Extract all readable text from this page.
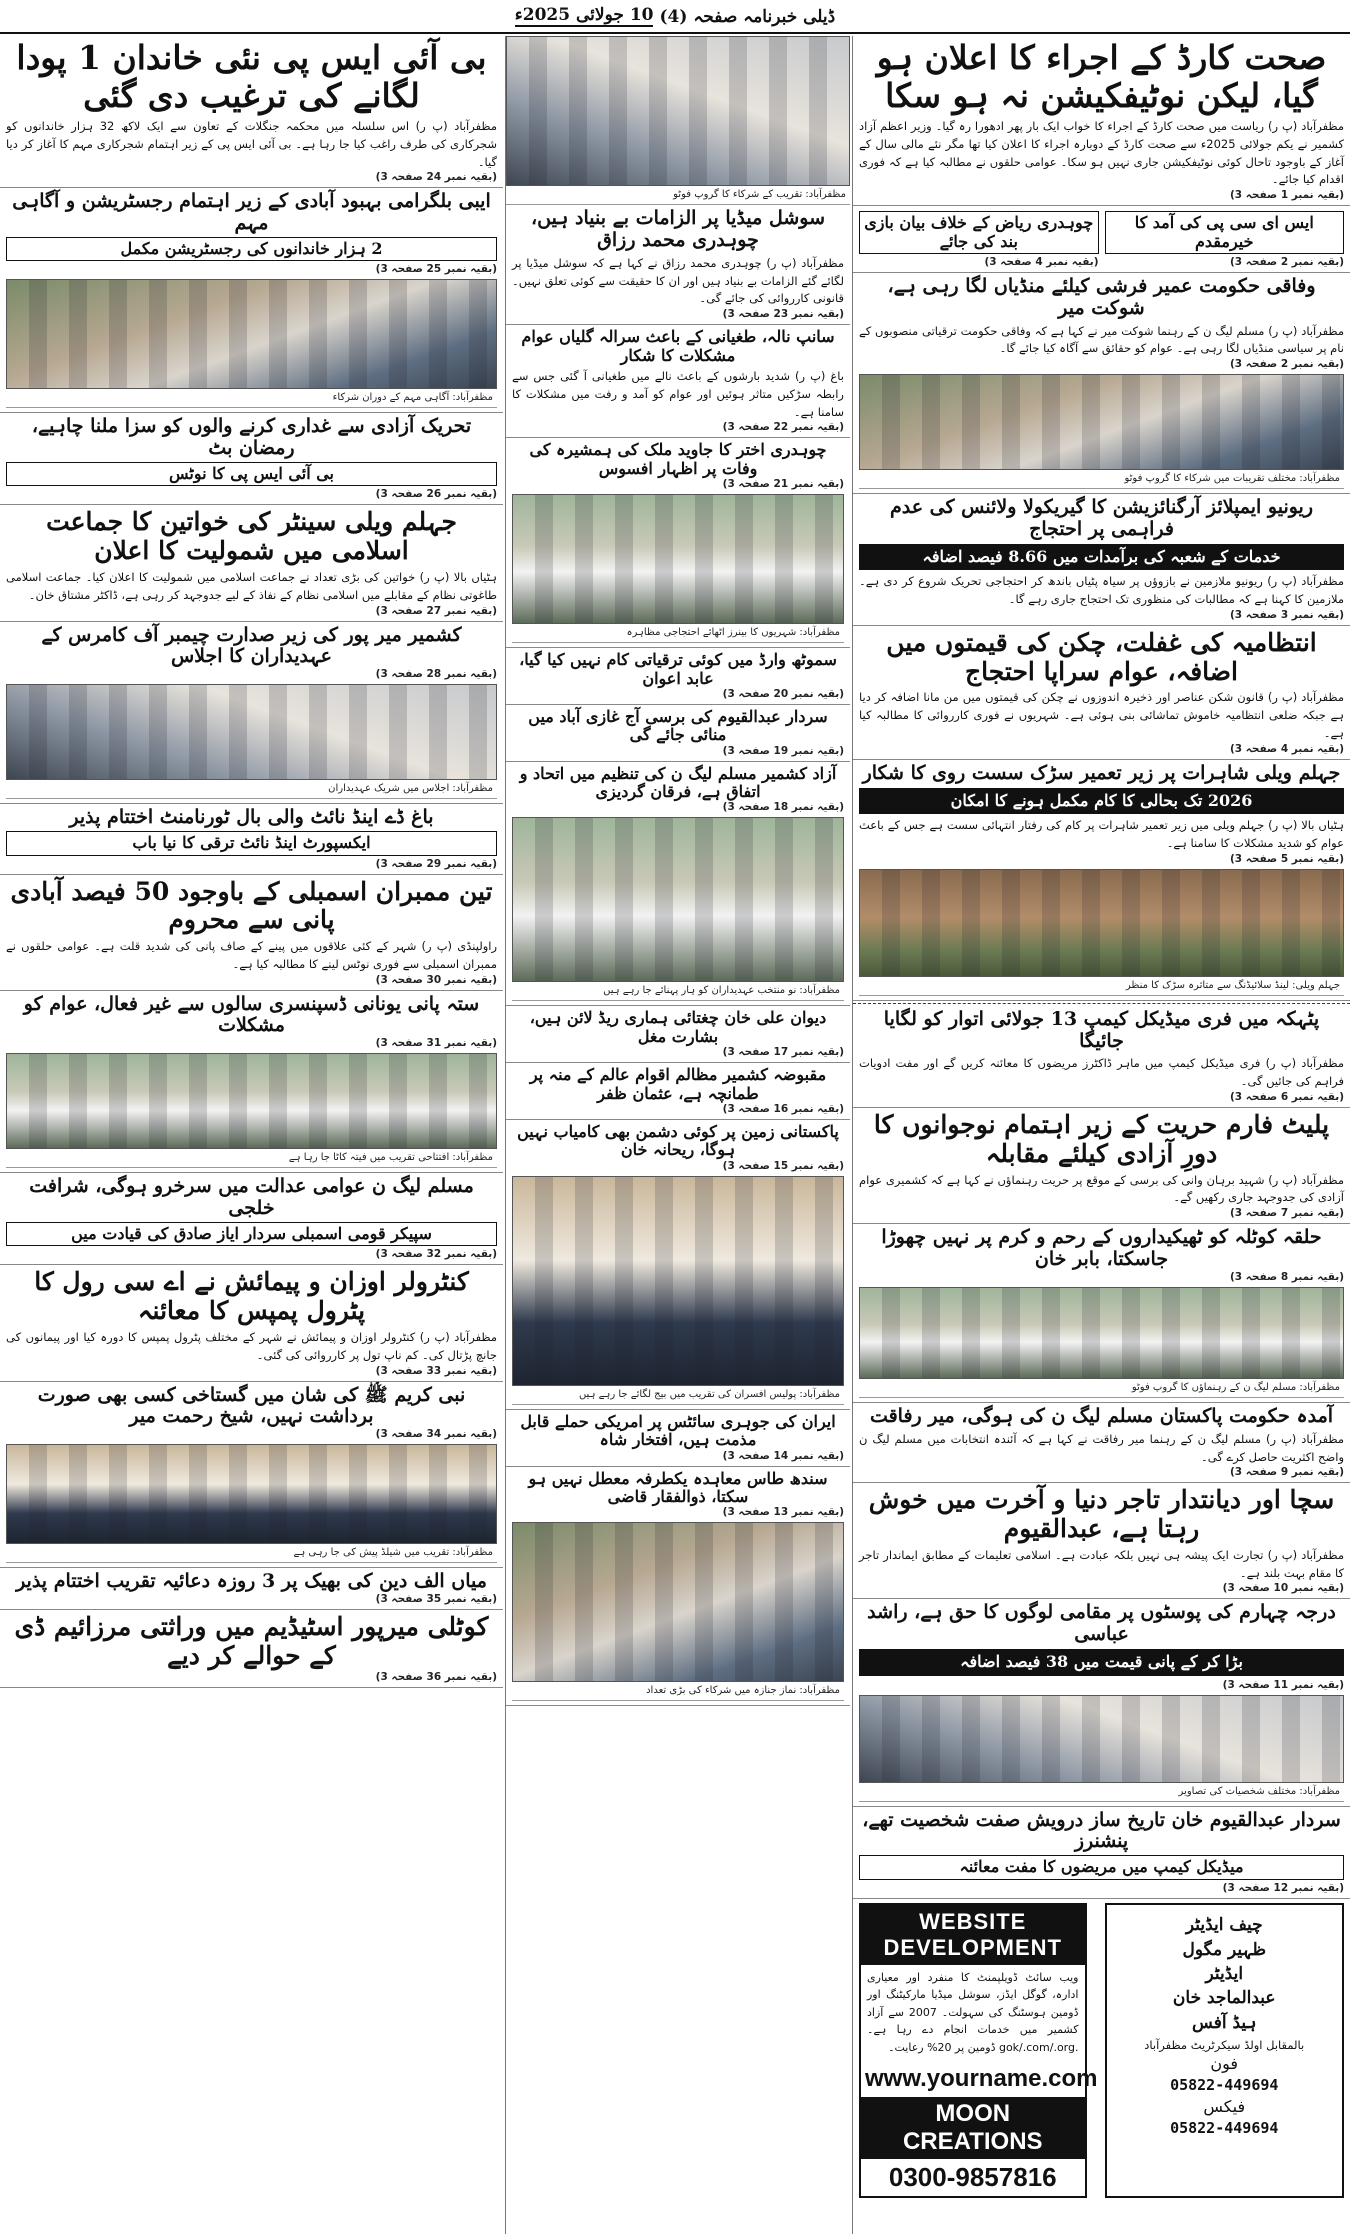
ڈیلی خبرنامہ صفحہ (4)
10 جولائی 2025ء
صحت کارڈ کے اجراء کا اعلان ہو گیا، لیکن نوٹیفکیشن نہ ہو سکا
مظفرآباد (پ ر) ریاست میں صحت کارڈ کے اجراء کا خواب ایک بار پھر ادھورا رہ گیا۔ وزیر اعظم آزاد کشمیر نے یکم جولائی 2025ء سے صحت کارڈ کے دوبارہ اجراء کا اعلان کیا تھا مگر نئے مالی سال کے آغاز کے باوجود تاحال کوئی نوٹیفکیشن جاری نہیں ہو سکا۔ عوامی حلقوں نے مطالبہ کیا ہے کہ فوری اقدام کیا جائے۔
(بقیہ نمبر 1 صفحہ 3)
ایس ای سی پی کی آمد کا خیرمقدم
(بقیہ نمبر 2 صفحہ 3)
چوہدری ریاض کے خلاف بیان بازی بند کی جائے
(بقیہ نمبر 4 صفحہ 3)
وفاقی حکومت عمیر فرشی کیلئے منڈیاں لگا رہی ہے، شوکت میر
مظفرآباد (پ ر) مسلم لیگ ن کے رہنما شوکت میر نے کہا ہے کہ وفاقی حکومت ترقیاتی منصوبوں کے نام پر سیاسی منڈیاں لگا رہی ہے۔ عوام کو حقائق سے آگاہ کیا جائے گا۔
(بقیہ نمبر 2 صفحہ 3)
مظفرآباد: مختلف تقریبات میں شرکاء کا گروپ فوٹو
ریونیو ایمپلائز آرگنائزیشن کا گیریکولا ولائنس کی عدم فراہمی پر احتجاج
خدمات کے شعبہ کی برآمدات میں 8.66 فیصد اضافہ
مظفرآباد (پ ر) ریونیو ملازمین نے بازوؤں پر سیاہ پٹیاں باندھ کر احتجاجی تحریک شروع کر دی ہے۔ ملازمین کا کہنا ہے کہ مطالبات کی منظوری تک احتجاج جاری رہے گا۔
(بقیہ نمبر 3 صفحہ 3)
انتظامیہ کی غفلت، چکن کی قیمتوں میں اضافہ، عوام سراپا احتجاج
مظفرآباد (پ ر) قانون شکن عناصر اور ذخیرہ اندوزوں نے چکن کی قیمتوں میں من مانا اضافہ کر دیا ہے جبکہ ضلعی انتظامیہ خاموش تماشائی بنی ہوئی ہے۔ شہریوں نے فوری کارروائی کا مطالبہ کیا ہے۔
(بقیہ نمبر 4 صفحہ 3)
جہلم ویلی شاہرات پر زیر تعمیر سڑک سست روی کا شکار
2026 تک بحالی کا کام مکمل ہونے کا امکان
ہٹیاں بالا (پ ر) جہلم ویلی میں زیر تعمیر شاہرات پر کام کی رفتار انتہائی سست ہے جس کے باعث عوام کو شدید مشکلات کا سامنا ہے۔
(بقیہ نمبر 5 صفحہ 3)
جہلم ویلی: لینڈ سلائیڈنگ سے متاثرہ سڑک کا منظر
پٹہکہ میں فری میڈیکل کیمپ 13 جولائی اتوار کو لگایا جائیگا
مظفرآباد (پ ر) فری میڈیکل کیمپ میں ماہر ڈاکٹرز مریضوں کا معائنہ کریں گے اور مفت ادویات فراہم کی جائیں گی۔
(بقیہ نمبر 6 صفحہ 3)
پلیٹ فارم حریت کے زیر اہتمام نوجوانوں کا دورِ آزادی کیلئے مقابلہ
مظفرآباد (پ ر) شہید برہان وانی کی برسی کے موقع پر حریت رہنماؤں نے کہا ہے کہ کشمیری عوام آزادی کی جدوجہد جاری رکھیں گے۔
(بقیہ نمبر 7 صفحہ 3)
حلقہ کوٹلہ کو ٹھیکیداروں کے رحم و کرم پر نہیں چھوڑا جاسکتا، بابر خان
(بقیہ نمبر 8 صفحہ 3)
مظفرآباد: مسلم لیگ ن کے رہنماؤں کا گروپ فوٹو
آمدہ حکومت پاکستان مسلم لیگ ن کی ہوگی، میر رفاقت
مظفرآباد (پ ر) مسلم لیگ ن کے رہنما میر رفاقت نے کہا ہے کہ آئندہ انتخابات میں مسلم لیگ ن واضح اکثریت حاصل کرے گی۔
(بقیہ نمبر 9 صفحہ 3)
سچا اور دیانتدار تاجر دنیا و آخرت میں خوش رہتا ہے، عبدالقیوم
مظفرآباد (پ ر) تجارت ایک پیشہ ہی نہیں بلکہ عبادت ہے۔ اسلامی تعلیمات کے مطابق ایماندار تاجر کا مقام بہت بلند ہے۔
(بقیہ نمبر 10 صفحہ 3)
درجہ چہارم کی پوسٹوں پر مقامی لوگوں کا حق ہے، راشد عباسی
بڑا کر کے پانی قیمت میں 38 فیصد اضافہ
(بقیہ نمبر 11 صفحہ 3)
مظفرآباد: مختلف شخصیات کی تصاویر
سردار عبدالقیوم خان تاریخ ساز درویش صفت شخصیت تھے، پنشنرز
میڈیکل کیمپ میں مریضوں کا مفت معائنہ
(بقیہ نمبر 12 صفحہ 3)
چیف ایڈیٹر
ظہیر مگول
ایڈیٹر
عبدالماجد خان
ہیڈ آفس
بالمقابل اولڈ سیکرٹریٹ مظفرآباد
فون
05822-449694
فیکس
05822-449694
WEBSITE DEVELOPMENT
ویب سائٹ ڈویلپمنٹ کا منفرد اور معیاری ادارہ، گوگل ایڈز، سوشل میڈیا مارکیٹنگ اور ڈومین ہوسٹنگ کی سہولت۔ 2007 سے آزاد کشمیر میں خدمات انجام دے رہا ہے۔ .gok/.com/.org ڈومین پر 20% رعایت۔
www.yourname.com
MOON CREATIONS
0300-9857816
مظفرآباد: تقریب کے شرکاء کا گروپ فوٹو
سوشل میڈیا پر الزامات بے بنیاد ہیں، چوہدری محمد رزاق
مظفرآباد (پ ر) چوہدری محمد رزاق نے کہا ہے کہ سوشل میڈیا پر لگائے گئے الزامات بے بنیاد ہیں اور ان کا حقیقت سے کوئی تعلق نہیں۔ قانونی کارروائی کی جائے گی۔
(بقیہ نمبر 23 صفحہ 3)
سانپ نالہ، طغیانی کے باعث سرالہ گلیاں عوام مشکلات کا شکار
باغ (پ ر) شدید بارشوں کے باعث نالے میں طغیانی آ گئی جس سے رابطہ سڑکیں متاثر ہوئیں اور عوام کو آمد و رفت میں مشکلات کا سامنا ہے۔
(بقیہ نمبر 22 صفحہ 3)
چوہدری اختر کا جاوید ملک کی ہمشیرہ کی وفات پر اظہار افسوس
(بقیہ نمبر 21 صفحہ 3)
مظفرآباد: شہریوں کا بینرز اٹھائے احتجاجی مظاہرہ
سموٹھ وارڈ میں کوئی ترقیاتی کام نہیں کیا گیا، عابد اعوان
(بقیہ نمبر 20 صفحہ 3)
سردار عبدالقیوم کی برسی آج غازی آباد میں منائی جائے گی
(بقیہ نمبر 19 صفحہ 3)
آزاد کشمیر مسلم لیگ ن کی تنظیم میں اتحاد و اتفاق ہے، فرقان گردیزی
(بقیہ نمبر 18 صفحہ 3)
مظفرآباد: نو منتخب عہدیداران کو ہار پہنائے جا رہے ہیں
دیوان علی خان چغتائی ہماری ریڈ لائن ہیں، بشارت مغل
(بقیہ نمبر 17 صفحہ 3)
مقبوضہ کشمیر مظالم اقوام عالم کے منہ پر طمانچہ ہے، عثمان ظفر
(بقیہ نمبر 16 صفحہ 3)
پاکستانی زمین پر کوئی دشمن بھی کامیاب نہیں ہوگا، ریحانہ خان
(بقیہ نمبر 15 صفحہ 3)
مظفرآباد: پولیس افسران کی تقریب میں بیج لگائے جا رہے ہیں
ایران کی جوہری سائٹس پر امریکی حملے قابل مذمت ہیں، افتخار شاہ
(بقیہ نمبر 14 صفحہ 3)
سندھ طاس معاہدہ یکطرفہ معطل نہیں ہو سکتا، ذوالفقار قاضی
(بقیہ نمبر 13 صفحہ 3)
مظفرآباد: نماز جنازہ میں شرکاء کی بڑی تعداد
بی آئی ایس پی نئی خاندان 1 پودا لگانے کی ترغیب دی گئی
مظفرآباد (پ ر) اس سلسلہ میں محکمہ جنگلات کے تعاون سے ایک لاکھ 32 ہزار خاندانوں کو شجرکاری کی طرف راغب کیا جا رہا ہے۔ بی آئی ایس پی کے زیر اہتمام شجرکاری مہم کا آغاز کر دیا گیا۔
(بقیہ نمبر 24 صفحہ 3)
ایبی بلگرامی بہبود آبادی کے زیر اہتمام رجسٹریشن و آگاہی مہم
2 ہزار خاندانوں کی رجسٹریشن مکمل
(بقیہ نمبر 25 صفحہ 3)
مظفرآباد: آگاہی مہم کے دوران شرکاء
تحریک آزادی سے غداری کرنے والوں کو سزا ملنا چاہیے، رمضان بٹ
بی آئی ایس پی کا نوٹس
(بقیہ نمبر 26 صفحہ 3)
جہلم ویلی سینٹر کی خواتین کا جماعت اسلامی میں شمولیت کا اعلان
ہٹیاں بالا (پ ر) خواتین کی بڑی تعداد نے جماعت اسلامی میں شمولیت کا اعلان کیا۔ جماعت اسلامی طاغوتی نظام کے مقابلے میں اسلامی نظام کے نفاذ کے لیے جدوجہد کر رہی ہے، ڈاکٹر مشتاق خان۔
(بقیہ نمبر 27 صفحہ 3)
کشمیر میر پور کی زیر صدارت چیمبر آف کامرس کے عہدیداران کا اجلاس
(بقیہ نمبر 28 صفحہ 3)
مظفرآباد: اجلاس میں شریک عہدیداران
باغ ڈے اینڈ نائٹ والی بال ٹورنامنٹ اختتام پذیر
ایکسپورٹ اینڈ نائٹ ترقی کا نیا باب
(بقیہ نمبر 29 صفحہ 3)
تین ممبران اسمبلی کے باوجود 50 فیصد آبادی پانی سے محروم
راولپنڈی (پ ر) شہر کے کئی علاقوں میں پینے کے صاف پانی کی شدید قلت ہے۔ عوامی حلقوں نے ممبران اسمبلی سے فوری نوٹس لینے کا مطالبہ کیا ہے۔
(بقیہ نمبر 30 صفحہ 3)
ستہ پانی یونانی ڈسپنسری سالوں سے غیر فعال، عوام کو مشکلات
(بقیہ نمبر 31 صفحہ 3)
مظفرآباد: افتتاحی تقریب میں فیتہ کاٹا جا رہا ہے
مسلم لیگ ن عوامی عدالت میں سرخرو ہوگی، شرافت خلجی
سپیکر قومی اسمبلی سردار ایاز صادق کی قیادت میں
(بقیہ نمبر 32 صفحہ 3)
کنٹرولر اوزان و پیمائش نے اے سی رول کا پٹرول پمپس کا معائنہ
مظفرآباد (پ ر) کنٹرولر اوزان و پیمائش نے شہر کے مختلف پٹرول پمپس کا دورہ کیا اور پیمانوں کی جانچ پڑتال کی۔ کم ناپ تول پر کارروائی کی گئی۔
(بقیہ نمبر 33 صفحہ 3)
نبی کریم ﷺ کی شان میں گستاخی کسی بھی صورت برداشت نہیں، شیخ رحمت میر
(بقیہ نمبر 34 صفحہ 3)
مظفرآباد: تقریب میں شیلڈ پیش کی جا رہی ہے
میاں الف دین کی بھیک پر 3 روزہ دعائیہ تقریب اختتام پذیر
(بقیہ نمبر 35 صفحہ 3)
کوٹلی میرپور اسٹیڈیم میں وراثتی مرزائیم ڈی کے حوالے کر دیے
(بقیہ نمبر 36 صفحہ 3)
